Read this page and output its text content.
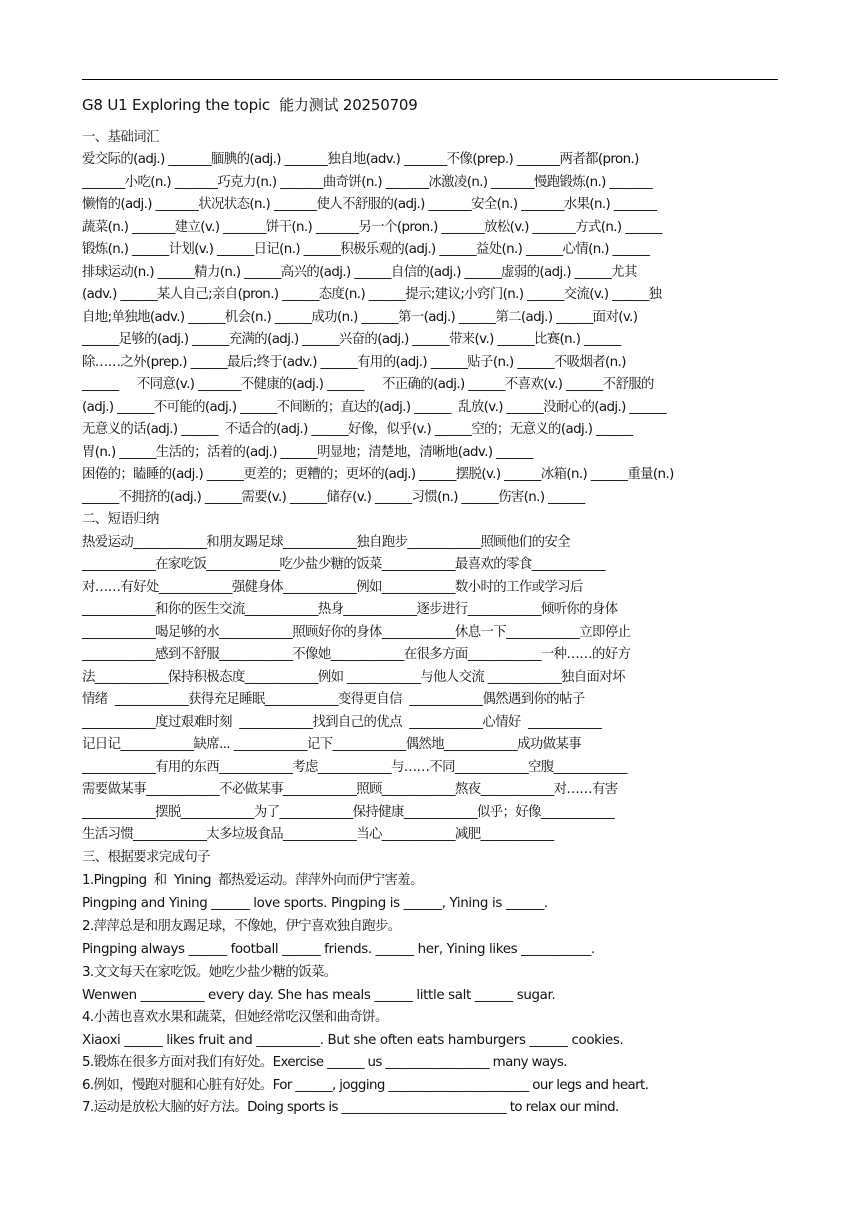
G8 U1 Exploring the topic  能力测试 20250709
一、基础词汇
爱交际的(adj.) _______腼腆的(adj.) _______独自地(adv.) _______不像(prep.) _______两者都(pron.)
_______小吃(n.) _______巧克力(n.) _______曲奇饼(n.) _______冰激凌(n.) _______慢跑锻炼(n.) _______
懒惰的(adj.) _______状况状态(n.) _______使人不舒服的(adj.) _______安全(n.) _______水果(n.) _______
蔬菜(n.) _______建立(v.) _______饼干(n.) _______另一个(pron.) _______放松(v.) _______方式(n.) ______
锻炼(n.) ______计划(v.) ______日记(n.) ______积极乐观的(adj.) ______益处(n.) ______心情(n.) ______
排球运动(n.) ______精力(n.) ______高兴的(adj.) ______自信的(adj.) ______虚弱的(adj.) ______尤其
(adv.) ______某人自己;亲自(pron.) ______态度(n.) ______提示;建议;小窍门(n.) ______交流(v.) ______独
自地;单独地(adv.) ______机会(n.) ______成功(n.) ______第一(adj.) ______第二(adj.) ______面对(v.)
______足够的(adj.) ______充满的(adj.) ______兴奋的(adj.) ______带来(v.) ______比赛(n.) ______
除……之外(prep.) ______最后;终于(adv.) ______有用的(adj.) ______贴子(n.) ______不吸烟者(n.)
______     不同意(v.) _______不健康的(adj.) ______     不正确的(adj.) ______不喜欢(v.) ______不舒服的
(adj.) ______不可能的(adj.) ______不间断的；直达的(adj.) ______  乱放(v.) ______没耐心的(adj.) ______
无意义的话(adj.) ______  不适合的(adj.) ______好像，似乎(v.) ______空的；无意义的(adj.) ______
胃(n.) ______生活的；活着的(adj.) ______明显地；清楚地，清晰地(adv.) ______
困倦的；瞌睡的(adj.) ______更差的；更糟的；更坏的(adj.) ______摆脱(v.) ______冰箱(n.) ______重量(n.)
______不拥挤的(adj.) ______需要(v.) ______储存(v.) ______习惯(n.) ______伤害(n.) ______
二、短语归纳
热爱运动____________和朋友踢足球____________独自跑步____________照顾他们的安全
____________在家吃饭____________吃少盐少糖的饭菜____________最喜欢的零食____________
对……有好处____________强健身体____________例如____________数小时的工作或学习后
____________和你的医生交流____________热身____________逐步进行____________倾听你的身体
____________喝足够的水____________照顾好你的身体____________休息一下____________立即停止
____________感到不舒服____________不像她____________在很多方面____________一种……的好方
法____________保持积极态度____________例如 ____________与他人交流 ____________独自面对坏
情绪  ____________获得充足睡眠____________变得更自信  ____________偶然遇到你的帖子
____________度过艰难时刻  ____________找到自己的优点  ____________心情好  ____________
记日记____________缺席... ____________记下____________偶然地____________成功做某事
____________有用的东西____________考虑____________与……不同____________空腹____________
需要做某事____________不必做某事____________照顾____________熬夜____________对……有害
____________摆脱____________为了____________保持健康____________似乎；好像____________
生活习惯____________太多垃圾食品____________当心____________减肥____________
三、根据要求完成句子
1.Pingping  和  Yining  都热爱运动。萍萍外向而伊宁害羞。
Pingping and Yining ______ love sports. Pingping is ______, Yining is ______.
2.萍萍总是和朋友踢足球，不像她，伊宁喜欢独自跑步。
Pingping always ______ football ______ friends. ______ her, Yining likes ___________.
3.文文每天在家吃饭。她吃少盐少糖的饭菜。
Wenwen __________ every day. She has meals ______ little salt ______ sugar.
4.小茜也喜欢水果和蔬菜，但她经常吃汉堡和曲奇饼。
Xiaoxi ______ likes fruit and __________. But she often eats hamburgers ______ cookies.
5.锻炼在很多方面对我们有好处。Exercise ______ us _________________ many ways.
6.例如，慢跑对腿和心脏有好处。For ______, jogging _______________________ our legs and heart.
7.运动是放松大脑的好方法。Doing sports is ___________________________ to relax our mind.
